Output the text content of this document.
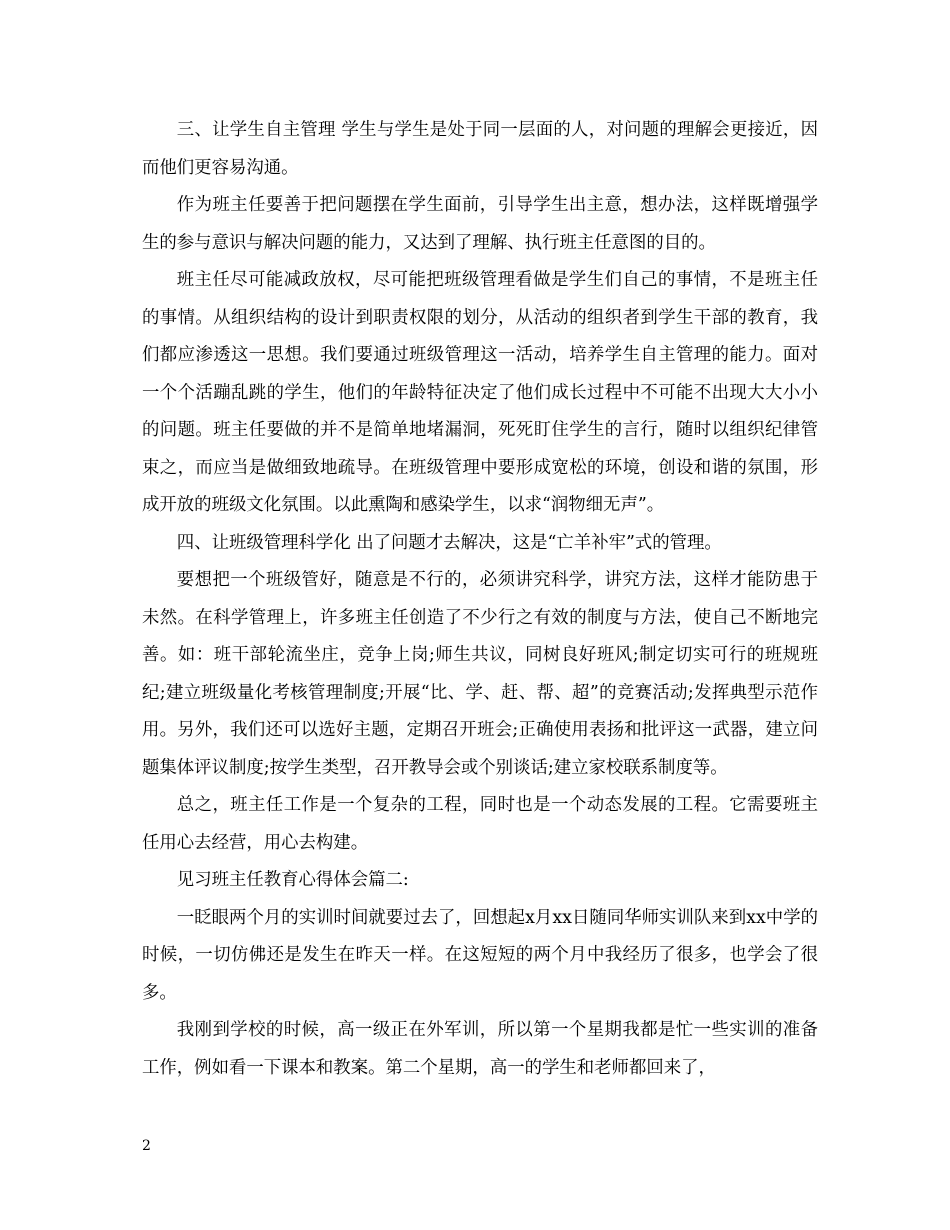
三、让学生自主管理 学生与学生是处于同一层面的人，对问题的理解会更接近，因而他们更容易沟通。

作为班主任要善于把问题摆在学生面前，引导学生出主意，想办法，这样既增强学生的参与意识与解决问题的能力，又达到了理解、执行班主任意图的目的。

班主任尽可能减政放权，尽可能把班级管理看做是学生们自己的事情，不是班主任的事情。从组织结构的设计到职责权限的划分，从活动的组织者到学生干部的教育，我们都应渗透这一思想。我们要通过班级管理这一活动，培养学生自主管理的能力。面对一个个活蹦乱跳的学生，他们的年龄特征决定了他们成长过程中不可能不出现大大小小的问题。班主任要做的并不是简单地堵漏洞，死死盯住学生的言行，随时以组织纪律管束之，而应当是做细致地疏导。在班级管理中要形成宽松的环境，创设和谐的氛围，形成开放的班级文化氛围。以此熏陶和感染学生，以求“润物细无声”。

四、让班级管理科学化 出了问题才去解决，这是“亡羊补牢”式的管理。

要想把一个班级管好，随意是不行的，必须讲究科学，讲究方法，这样才能防患于未然。在科学管理上，许多班主任创造了不少行之有效的制度与方法，使自己不断地完善。如：班干部轮流坐庄，竞争上岗;师生共议，同树良好班风;制定切实可行的班规班纪;建立班级量化考核管理制度;开展“比、学、赶、帮、超”的竞赛活动;发挥典型示范作用。另外，我们还可以选好主题，定期召开班会;正确使用表扬和批评这一武器，建立问题集体评议制度;按学生类型，召开教导会或个别谈话;建立家校联系制度等。

总之，班主任工作是一个复杂的工程，同时也是一个动态发展的工程。它需要班主任用心去经营，用心去构建。

见习班主任教育心得体会篇二:

一眨眼两个月的实训时间就要过去了，回想起x月xx日随同华师实训队来到xx中学的时候，一切仿佛还是发生在昨天一样。在这短短的两个月中我经历了很多，也学会了很多。

我刚到学校的时候，高一级正在外军训，所以第一个星期我都是忙一些实训的准备工作，例如看一下课本和教案。第二个星期，高一的学生和老师都回来了，

2
